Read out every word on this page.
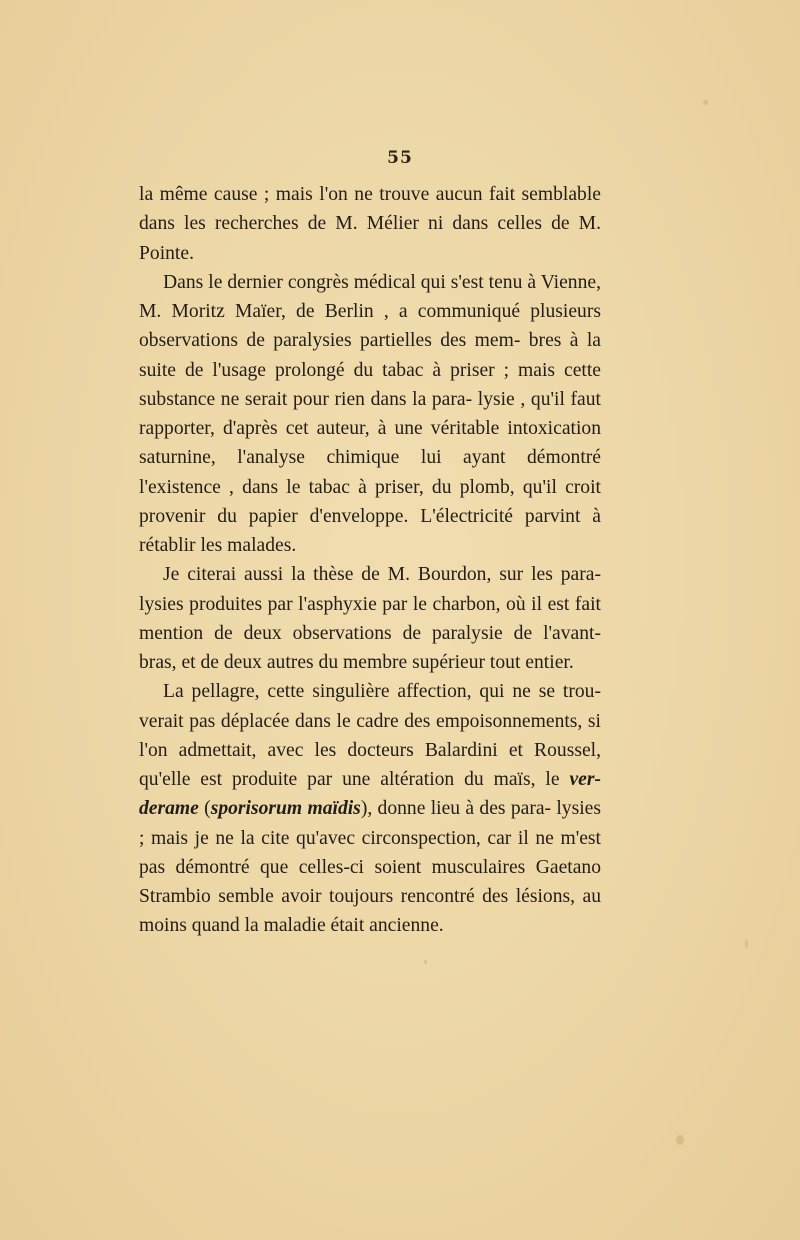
55

la même cause ; mais l'on ne trouve aucun fait semblable dans les recherches de M. Mélier ni dans celles de M. Pointe.

Dans le dernier congrès médical qui s'est tenu à Vienne, M. Moritz Maïer, de Berlin , a communiqué plusieurs observations de paralysies partielles des mem- bres à la suite de l'usage prolongé du tabac à priser ; mais cette substance ne serait pour rien dans la para- lysie , qu'il faut rapporter, d'après cet auteur, à une véritable intoxication saturnine, l'analyse chimique lui ayant démontré l'existence , dans le tabac à priser, du plomb, qu'il croit provenir du papier d'enveloppe. L'électricité parvint à rétablir les malades.

Je citerai aussi la thèse de M. Bourdon, sur les para- lysies produites par l'asphyxie par le charbon, où il est fait mention de deux observations de paralysie de l'avant- bras, et de deux autres du membre supérieur tout entier.

La pellagre, cette singulière affection, qui ne se trou- verait pas déplacée dans le cadre des empoisonnements, si l'on admettait, avec les docteurs Balardini et Roussel, qu'elle est produite par une altération du maïs, le ver- derame (sporisorum maïdis), donne lieu à des para- lysies ; mais je ne la cite qu'avec circonspection, car il ne m'est pas démontré que celles-ci soient musculaires Gaetano Strambio semble avoir toujours rencontré des lésions, au moins quand la maladie était ancienne.
